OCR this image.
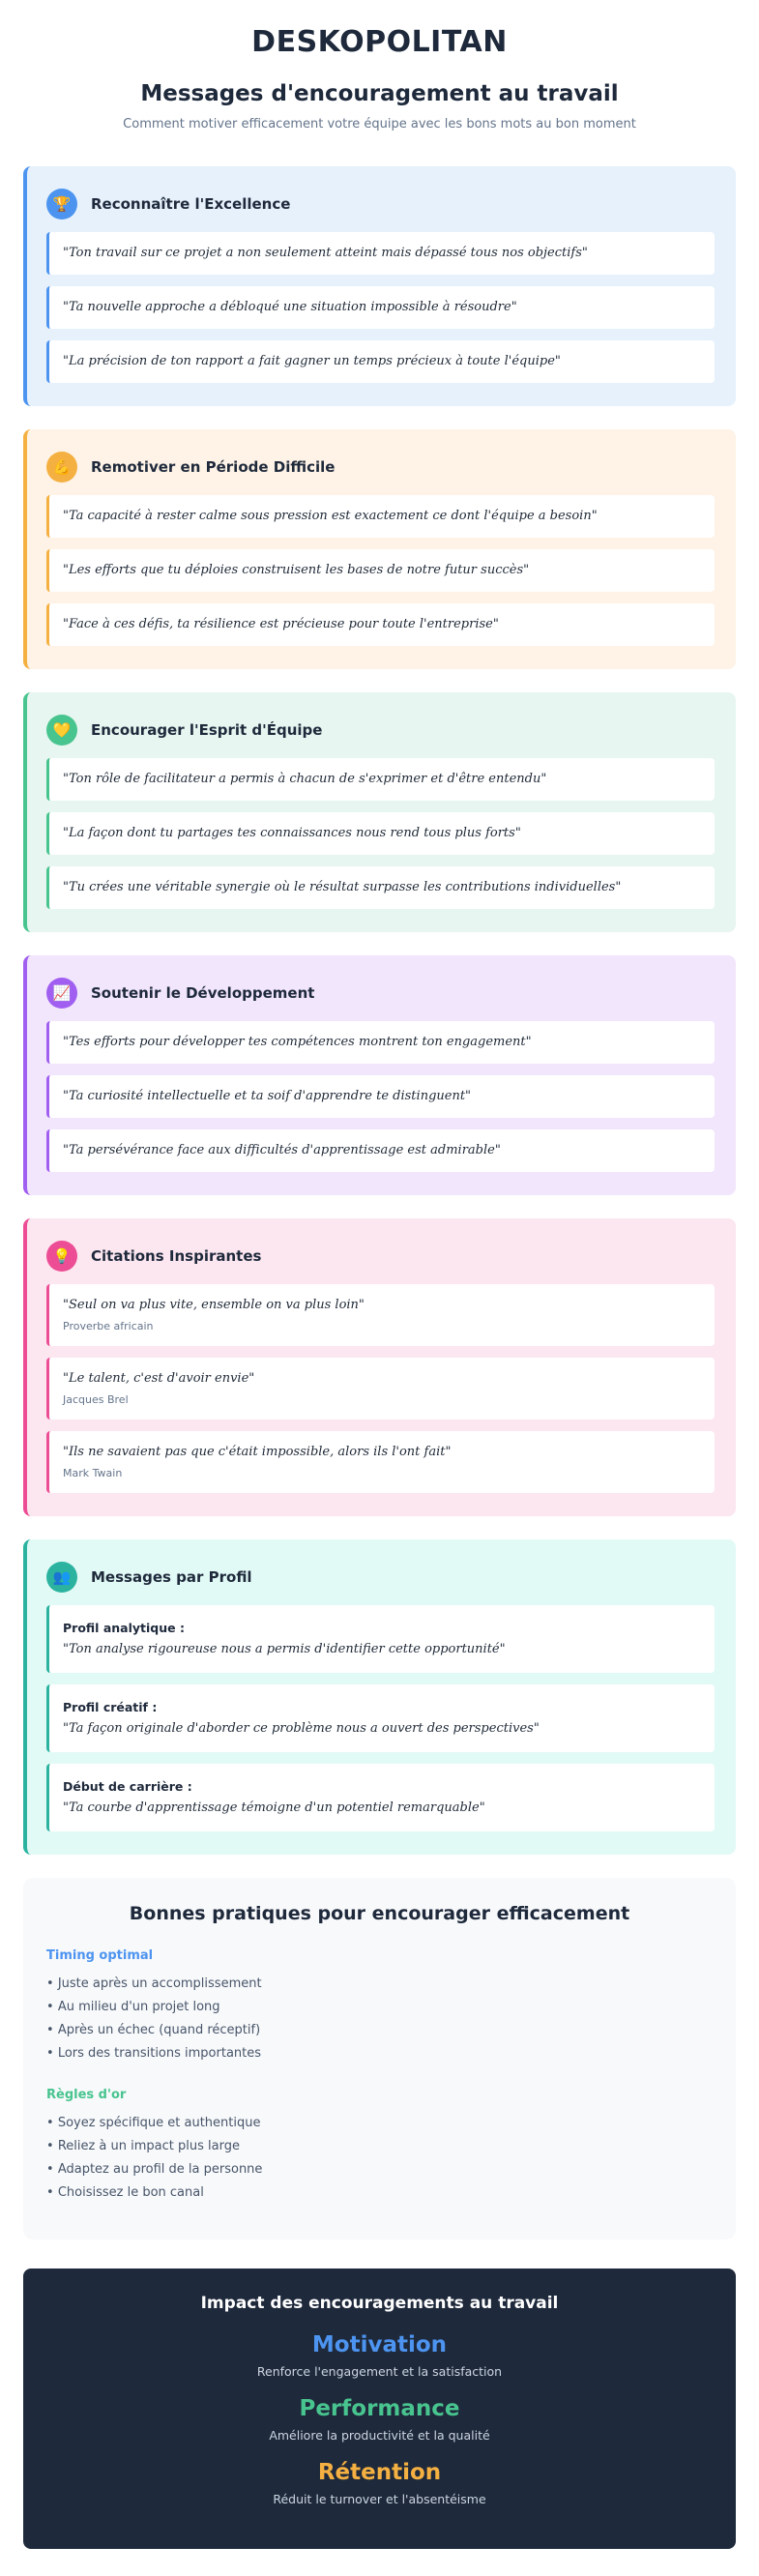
DESKOPOLITAN
Messages d'encouragement au travail
Comment motiver efficacement votre équipe avec les bons mots au bon moment
🏆	Reconnaître l'Excellence
"Ton travail sur ce projet a non seulement atteint mais dépassé tous nos objectifs"
"Ta nouvelle approche a débloqué une situation impossible à résoudre"
"La précision de ton rapport a fait gagner un temps précieux à toute l'équipe"
💪	Remotiver en Période Difficile
"Ta capacité à rester calme sous pression est exactement ce dont l'équipe a besoin"
"Les efforts que tu déploies construisent les bases de notre futur succès"
"Face à ces défis, ta résilience est précieuse pour toute l'entreprise"
💛	Encourager l'Esprit d'Équipe
"Ton rôle de facilitateur a permis à chacun de s'exprimer et d'être entendu"
"La façon dont tu partages tes connaissances nous rend tous plus forts"
"Tu crées une véritable synergie où le résultat surpasse les contributions individuelles"
📈	Soutenir le Développement
"Tes efforts pour développer tes compétences montrent ton engagement"
"Ta curiosité intellectuelle et ta soif d'apprendre te distinguent"
"Ta persévérance face aux difficultés d'apprentissage est admirable"
💡	Citations Inspirantes
"Seul on va plus vite, ensemble on va plus loin"
Proverbe africain
"Le talent, c'est d'avoir envie"
Jacques Brel
"Ils ne savaient pas que c'était impossible, alors ils l'ont fait"
Mark Twain
👥	Messages par Profil
Profil analytique :
"Ton analyse rigoureuse nous a permis d'identifier cette opportunité"
Profil créatif :
"Ta façon originale d'aborder ce problème nous a ouvert des perspectives"
Début de carrière :
"Ta courbe d'apprentissage témoigne d'un potentiel remarquable"
Bonnes pratiques pour encourager efficacement
Timing optimal
• Juste après un accomplissement
• Au milieu d'un projet long
• Après un échec (quand réceptif)
• Lors des transitions importantes
Règles d'or
• Soyez spécifique et authentique
• Reliez à un impact plus large
• Adaptez au profil de la personne
• Choisissez le bon canal
Impact des encouragements au travail
Motivation
Renforce l'engagement et la satisfaction
Performance
Améliore la productivité et la qualité
Rétention
Réduit le turnover et l'absentéisme
